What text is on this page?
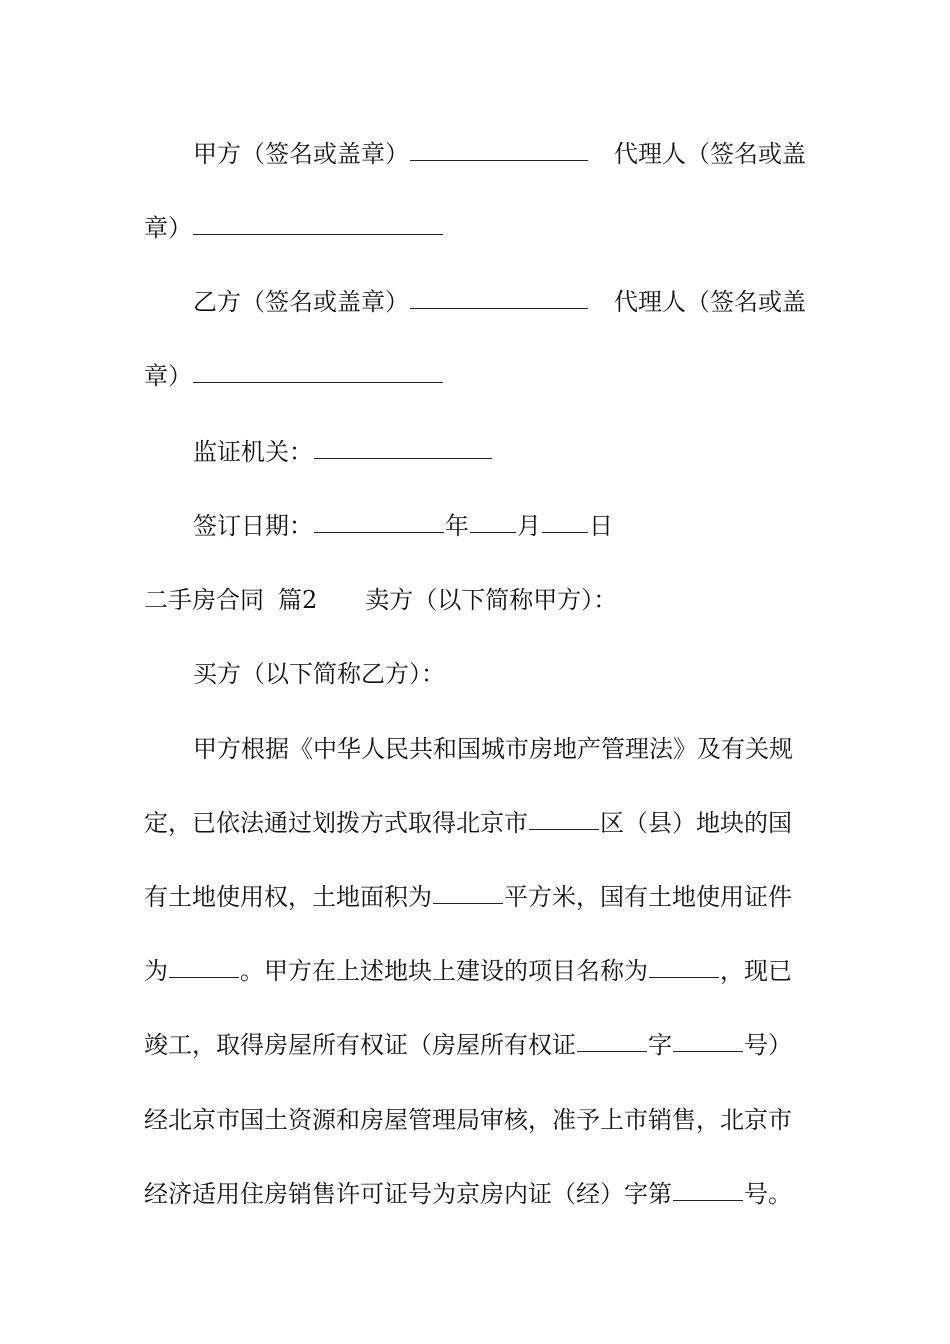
甲方（签名或盖章）	代理人（签名或盖
章）
乙方（签名或盖章）	代理人（签名或盖
章）
监证机关：
签订日期：	年 月 日
二手房合同 篇2 卖方（以下简称甲方）：
买方（以下简称乙方）：
甲方根据《中华人民共和国城市房地产管理法》及有关规
定，已依法通过划拨方式取得北京市	区（县）地块的国
有土地使用权，土地面积为	平方米，国有土地使用证件
为	。甲方在上述地块上建设的项目名称为	，现已
竣工，取得房屋所有权证（房屋所有权证	字	号）
经北京市国土资源和房屋管理局审核，准予上市销售，北京市
经济适用住房销售许可证号为京房内证（经）字第	号。
